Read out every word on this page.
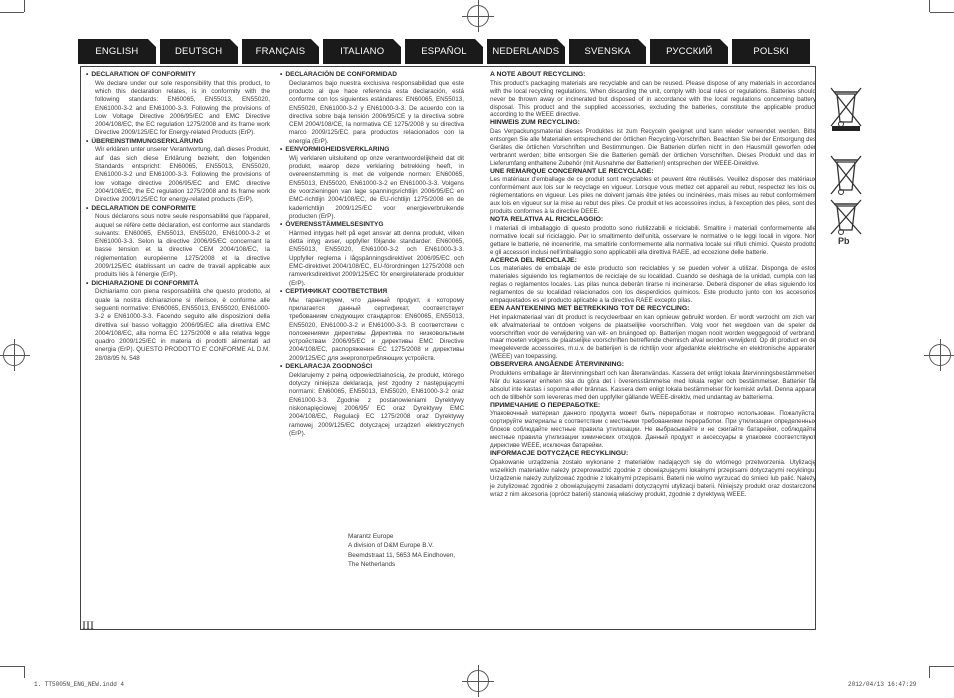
ENGLISH	DEUTSCH	FRANÇAIS	ITALIANO	ESPAÑOL	NEDERLANDS	SVENSKA	РУССКИЙ	POLSKI

• DECLARATION OF CONFORMITY

We declare under our sole responsibility that this product, to which this declaration relates, is in conformity with the following standards: EN60065, EN55013, EN55020, EN61000-3-2 and EN61000-3-3. Following the provisions of Low Voltage Directive 2006/95/EC and EMC Directive 2004/108/EC, the EC regulation 1275/2008 and its frame work Directive 2009/125/EC for Energy-related Products (ErP).

• ÜBEREINSTIMMUNGSERKLÄRUNG

Wir erklären unter unserer Verantwortung, daß dieses Produkt, auf das sich diese Erklärung bezieht, den folgenden Standards entspricht: EN60065, EN55013, EN55020, EN61000-3-2 und EN61000-3-3. Following the provisions of low voltage directive 2006/95/EC and EMC directive 2004/108/EC, the EC regulation 1275/2008 and its frame work Directive 2009/125/EC for energy-related products (ErP).

• DECLARATION DE CONFORMITE

Nous déclarons sous notre seule responsabilité que l'appareil, auquel se réfère cette déclaration, est conforme aux standards suivants: EN60065, EN55013, EN55020, EN61000-3-2 et EN61000-3-3. Selon la directive 2006/95/EC concernant la basse tension et la directive CEM 2004/108/EC, la réglementation européenne 1275/2008 et la directive 2009/125/EC établissant un cadre de travail applicable aux produits liés à l'énergie (ErP).

• DICHIARAZIONE DI CONFORMITÀ

Dichiariamo con piena responsabilità che questo prodotto, al quale la nostra dichiarazione si riferisce, è conforme alle seguenti normative: EN60065, EN55013, EN55020, EN61000-3-2 e EN61000-3-3. Facendo seguito alle disposizioni della direttiva sul basso voltaggio 2006/95/EC alla direttiva EMC 2004/108/EC, alla norma EC 1275/2008 e alla relativa legge quadro 2009/125/EC in materia di prodotti alimentati ad energia (ErP). QUESTO PRODOTTO E' CONFORME AL D.M. 28/08/95 N. 548

• DECLARACIÓN DE CONFORMIDAD

Declaramos bajo nuestra exclusiva responsabilidad que este producto al que hace referencia esta declaración, está conforme con los siguientes estándares: EN60065, EN55013, EN55020, EN61000-3-2 y EN61000-3-3. De acuerdo con la directiva sobre baja tensión 2006/95/CE y la directiva sobre CEM 2004/108/CE, la normativa CE 1275/2008 y su directiva marco 2009/125/EC para productos relacionados con la energía (ErP).

• EENVORMIGHEIDSVERKLARING

Wij verklaren uitsluitend op onze verantwoordelijkheid dat dit produkt, waarop deze verklaring betrekking heeft, in overeenstemming is met de volgende normen: EN60065, EN55013, EN55020, EN61000-3-2 en EN61000-3-3. Volgens de voorzieningen van lage spanningsrichtlijn 2006/95/EC en EMC-richtlijn 2004/108/EC, de EU-richtlijn 1275/2008 en de kaderrichtlijn 2009/125/EC voor energieverbruikende producten (ErP).

• ÖVERENSSTÄMMELSESINTYG

Härmed intygas helt på eget ansvar att denna produkt, vilken detta intyg avser, uppfyller följande standarder: EN60065, EN55013, EN55020, EN61000-3-2 och EN61000-3-3. Uppfyller reglerna i lågspänningsdirektivet 2006/95/EC och EMC-direktivet 2004/108/EC, EU-förordningen 1275/2008 och ramverksdirektivet 2009/125/EC för energirelaterade produkter (ErP).

• СЕРТИФИКАТ СООТВЕТСТВИЯ

Мы гарантируем, что данный продукт, к которому прилагается данный сертификат, соответствует требованиям следующих стандартов: EN60065, EN55013, EN55020, EN61000-3-2 и EN61000-3-3. В соответствии с положениями директивы Директива по низковольтным устройствам 2006/95/EC и директивы EMC Directive 2004/108/EC, распоряжения EC 1275/2008 и директивы 2009/125/EC для энергопотребляющих устройств.

• DEKLARACJA ZGODNOŚCI

Deklarujemy z pełną odpowiedzialnością, że produkt, którego dotyczy niniejsza deklaracja, jest zgodny z następującymi normami: EN60065, EN55013, EN55020, EN61000-3-2 oraz EN61000-3-3. Zgodnie z postanowieniami Dyrektywy niskonapięciowej 2006/95/ EC oraz Dyrektywy EMC 2004/108/EC, Regulacji EC 1275/2008 oraz Dyrektywy ramowej 2009/125/EC dotyczącej urządzeń elektrycznych (ErP).

Marantz Europe
A division of D&M Europe B.V.
Beemdstraat 11, 5653 MA Eindhoven,
The Netherlands

A NOTE ABOUT RECYCLING:

This product's packaging materials are recyclable and can be reused. Please dispose of any materials in accordance with the local recycling regulations. When discarding the unit, comply with local rules or regulations. Batteries should never be thrown away or incinerated but disposed of in accordance with the local regulations concerning battery disposal. This product and the supplied accessories, excluding the batteries, constitute the applicable product according to the WEEE directive.

HINWEIS ZUM RECYCLING:

Das Verpackungsmaterial dieses Produktes ist zum Recyceln geeignet und kann wieder verwendet werden. Bitte entsorgen Sie alle Materialien entsprechend der örtlichen Recycling-Vorschriften. Beachten Sie bei der Entsorgung des Gerätes die örtlichen Vorschriften und Bestimmungen. Die Batterien dürfen nicht in den Hausmüll geworfen oder verbrannt werden; bitte entsorgen Sie die Batterien gemäß der örtlichen Vorschriften. Dieses Produkt und das im Lieferumfang enthaltene Zubehör (mit Ausnahme der Batterien!) entsprechen der WEEE-Direktive.

UNE REMARQUE CONCERNANT LE RECYCLAGE:

Les matériaux d'emballage de ce produit sont recyclables et peuvent être réutilisés. Veuillez disposer des matériaux conformément aux lois sur le recyclage en vigueur. Lorsque vous mettez cet appareil au rebut, respectez les lois ou réglementations en vigueur. Les piles ne doivent jamais être jetées ou incinérées, mais mises au rebut conformément aux lois en vigueur sur la mise au rebut des piles. Ce produit et les accessoires inclus, à l'exception des piles, sont des produits conformes à la directive DEEE.

NOTA RELATIVA AL RICICLAGGIO:

I materiali di imballaggio di questo prodotto sono riutilizzabili e riciclabili. Smaltire i materiali conformemente alle normative locali sul riciclaggio. Per lo smaltimento dell'unità, osservare le normative o le leggi locali in vigore. Non gettare le batterie, né incenerirle, ma smaltirle conformemente alla normativa locale sui rifiuti chimici. Questo prodotto e gli accessori inclusi nell'imballaggio sono applicabili alla direttiva RAEE, ad eccezione delle batterie.

ACERCA DEL RECICLAJE:

Los materiales de embalaje de este producto son reciclables y se pueden volver a utilizar. Disponga de estos materiales siguiendo los reglamentos de reciclaje de su localidad. Cuando se deshaga de la unidad, cumpla con las reglas o reglamentos locales. Las pilas nunca deberán tirarse ni incinerarse. Deberá disponer de ellas siguiendo los reglamentos de su localidad relacionados con los desperdicios químicos. Este producto junto con los accesorios empaquetados es el producto aplicable a la directiva RAEE excepto pilas.

EEN AANTEKENING MET BETREKKING TOT DE RECYCLING:

Het inpakmateriaal van dit product is recycleerbaar en kan opnieuw gebruikt worden. Er wordt verzocht om zich van elk afvalmateriaal te ontdoen volgens de plaatselijke voorschriften. Volg voor het wegdoen van de speler de voorschriften voor de verwijdering van wit- en bruingoed op. Batterijen mogen nooit worden weggegooid of verbrand, maar moeten volgens de plaatselijke voorschriften betreffende chemisch afval worden verwijderd. Op dit product en de meegeleverde accessoires, m.u.v. de batterijen is de richtlijn voor afgedankte elektrische en elektronische apparaten (WEEE) van toepassing.

OBSERVERA ANGÅENDE ÅTERVINNING:

Produktens emballage är återvinningsbart och kan återanvändas. Kassera det enligt lokala återvinningsbestämmelser. När du kasserar enheten ska du göra det i överensstämmelse med lokala regler och bestämmelser. Batterier får absolut inte kastas i soporna eller brännas. Kassera dem enligt lokala bestämmelser för kemiskt avfall. Denna apparat och de tillbehör som levereras med den uppfyller gällande WEEE-direktiv, med undantag av batterierna.

ПРИМЕЧАНИЕ О ПЕРЕРАБОТКЕ:

Упаковочный материал данного продукта может быть переработан и повторно использован. Пожалуйста, сортируйте материалы в соответствии с местными требованиями переработки. При утилизации определенных блоков соблюдайте местные правила утилизации. Не выбрасывайте и не сжигайте батарейки, соблюдайте местные правила утилизации химических отходов. Данный продукт и аксессуары в упаковке соответствуют директиве WEEE, исключая батарейки.

INFORMACJE DOTYCZĄCE RECYKLINGU:

Opakowanie urządzenia zostało wykonane z materiałów nadających się do wtórnego przetworzenia. Utylizację wszelkich materiałów należy przeprowadzić zgodnie z obowiązującymi lokalnymi przepisami dotyczącymi recyklingu. Urządzenie należy zutylizować zgodnie z lokalnymi przepisami. Baterii nie wolno wyrzucać do śmieci lub palić. Należy je zutylizować zgodnie z obowiązującymi zasadami dotyczącymi utylizacji baterii. Niniejszy produkt oraz dostarczone wraz z nim akcesoria (oprócz baterii) stanowią właściwy produkt, zgodnie z dyrektywą WEEE.

Pb
III
1. TT5005N_ENG_NEW.indd 4	2012/04/13 16:47:29
